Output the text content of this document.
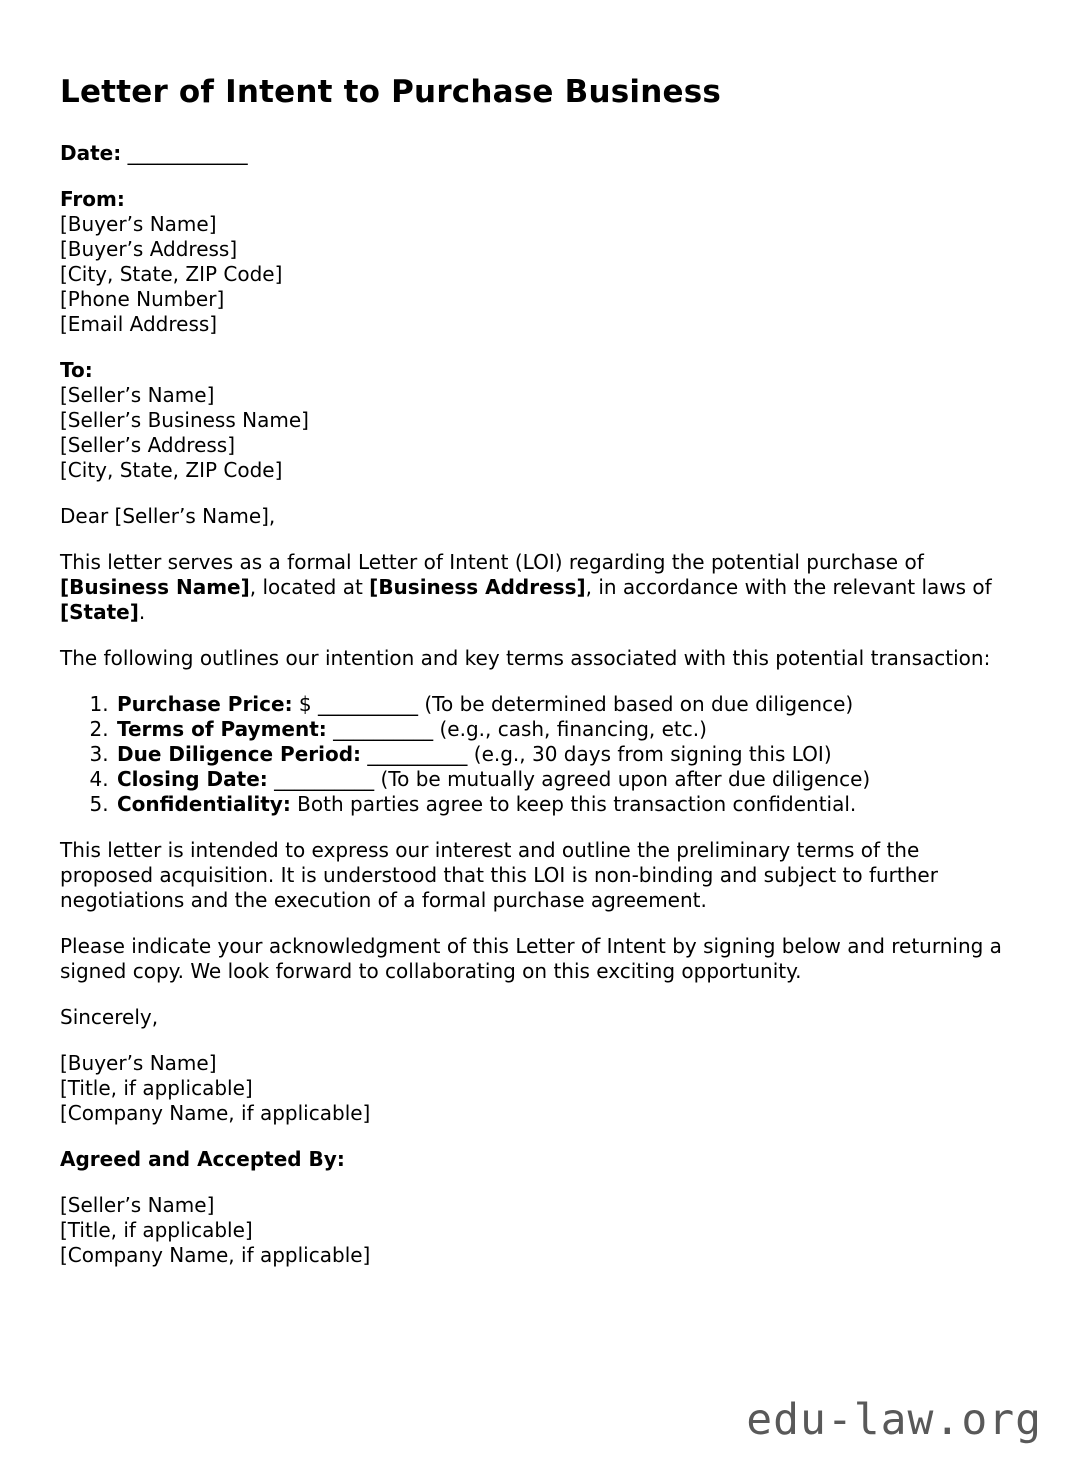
Letter of Intent to Purchase Business

Date: ____________

From:
[Buyer’s Name]
[Buyer’s Address]
[City, State, ZIP Code]
[Phone Number]
[Email Address]
To:
[Seller’s Name]
[Seller’s Business Name]
[Seller’s Address]
[City, State, ZIP Code]

Dear [Seller’s Name],

This letter serves as a formal Letter of Intent (LOI) regarding the potential purchase of [Business Name], located at [Business Address], in accordance with the relevant laws of [State].

The following outlines our intention and key terms associated with this potential transaction:

1. Purchase Price: $ __________ (To be determined based on due diligence)
2. Terms of Payment: __________ (e.g., cash, financing, etc.)
3. Due Diligence Period: __________ (e.g., 30 days from signing this LOI)
4. Closing Date: __________ (To be mutually agreed upon after due diligence)
5. Confidentiality: Both parties agree to keep this transaction confidential.

This letter is intended to express our interest and outline the preliminary terms of the proposed acquisition. It is understood that this LOI is non-binding and subject to further negotiations and the execution of a formal purchase agreement.

Please indicate your acknowledgment of this Letter of Intent by signing below and returning a signed copy. We look forward to collaborating on this exciting opportunity.

Sincerely,

[Buyer’s Name]
[Title, if applicable]
[Company Name, if applicable]

Agreed and Accepted By:

[Seller’s Name]
[Title, if applicable]
[Company Name, if applicable]
edu-law.org
